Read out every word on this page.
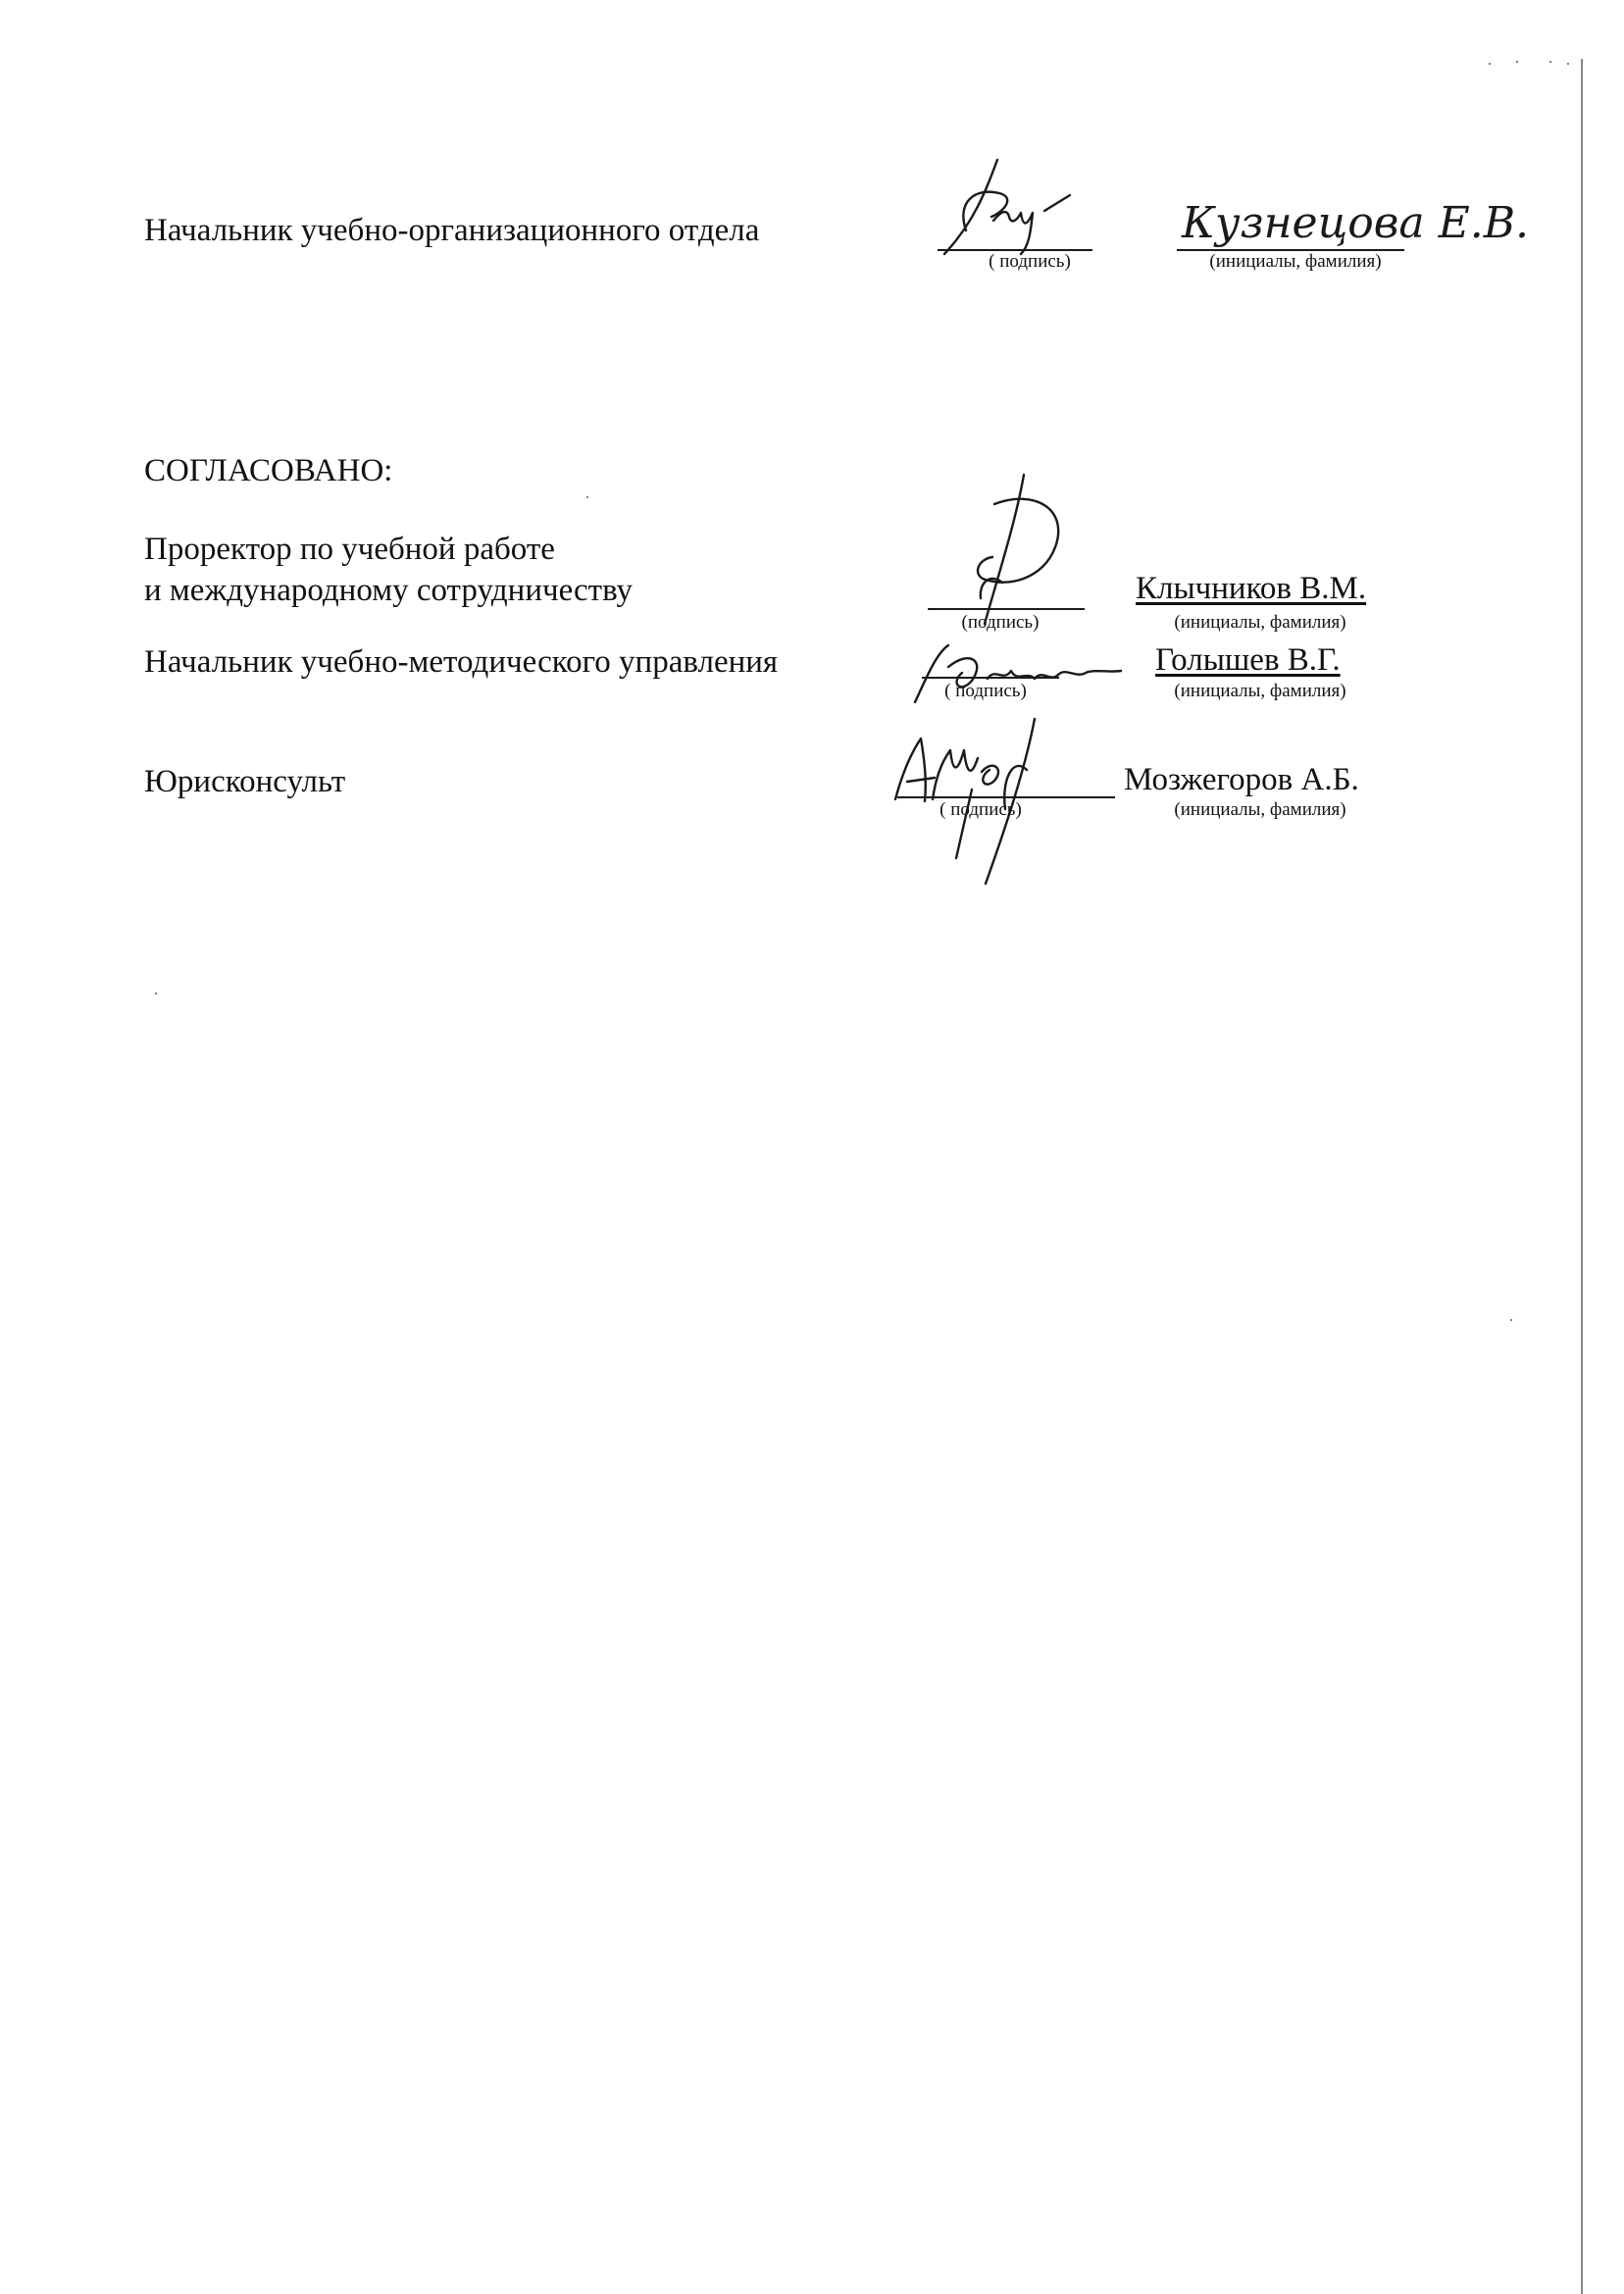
Начальник учебно-организационного отдела
( подпись)
Кузнецова Е.В.
(инициалы, фамилия)
СОГЛАСОВАНО:
Проректор по учебной работе
и международному сотрудничеству
(подпись)
Клычников В.М.
(инициалы, фамилия)
Начальник учебно-методического управления
( подпись)
Голышев В.Г.
(инициалы, фамилия)
Юрисконсульт
( подпись)
Мозжегоров А.Б.
(инициалы, фамилия)
